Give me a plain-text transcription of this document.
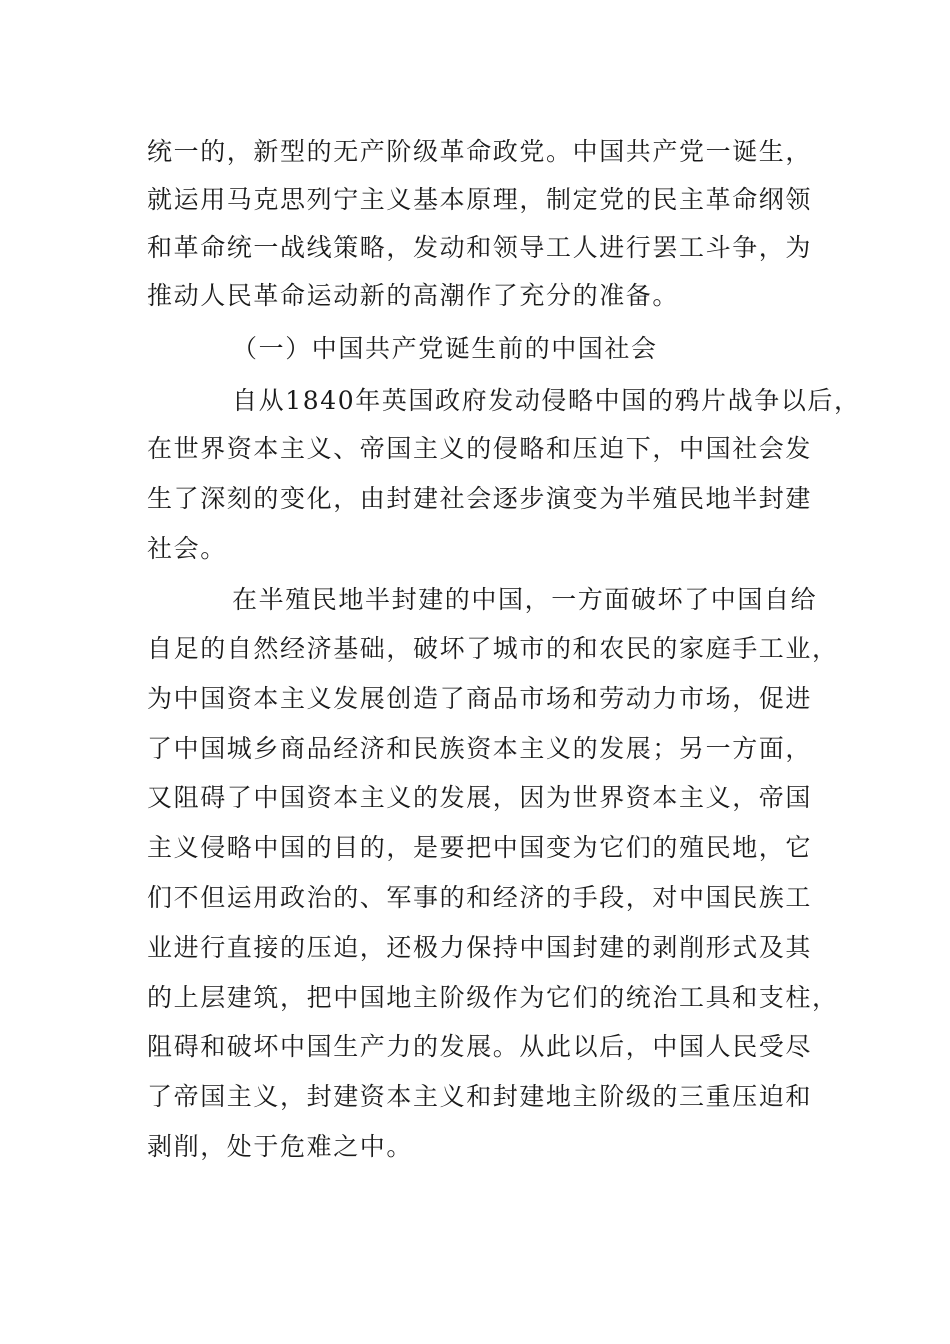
统一的，新型的无产阶级革命政党。中国共产党一诞生，
就运用马克思列宁主义基本原理，制定党的民主革命纲领
和革命统一战线策略，发动和领导工人进行罢工斗争，为
推动人民革命运动新的高潮作了充分的准备。
（一）中国共产党诞生前的中国社会
自从1840年英国政府发动侵略中国的鸦片战争以后，
在世界资本主义、帝国主义的侵略和压迫下，中国社会发
生了深刻的变化，由封建社会逐步演变为半殖民地半封建
社会。
在半殖民地半封建的中国，一方面破坏了中国自给
自足的自然经济基础，破坏了城市的和农民的家庭手工业，
为中国资本主义发展创造了商品市场和劳动力市场，促进
了中国城乡商品经济和民族资本主义的发展；另一方面，
又阻碍了中国资本主义的发展，因为世界资本主义，帝国
主义侵略中国的目的，是要把中国变为它们的殖民地，它
们不但运用政治的、军事的和经济的手段，对中国民族工
业进行直接的压迫，还极力保持中国封建的剥削形式及其
的上层建筑，把中国地主阶级作为它们的统治工具和支柱，
阻碍和破坏中国生产力的发展。从此以后，中国人民受尽
了帝国主义，封建资本主义和封建地主阶级的三重压迫和
剥削，处于危难之中。
